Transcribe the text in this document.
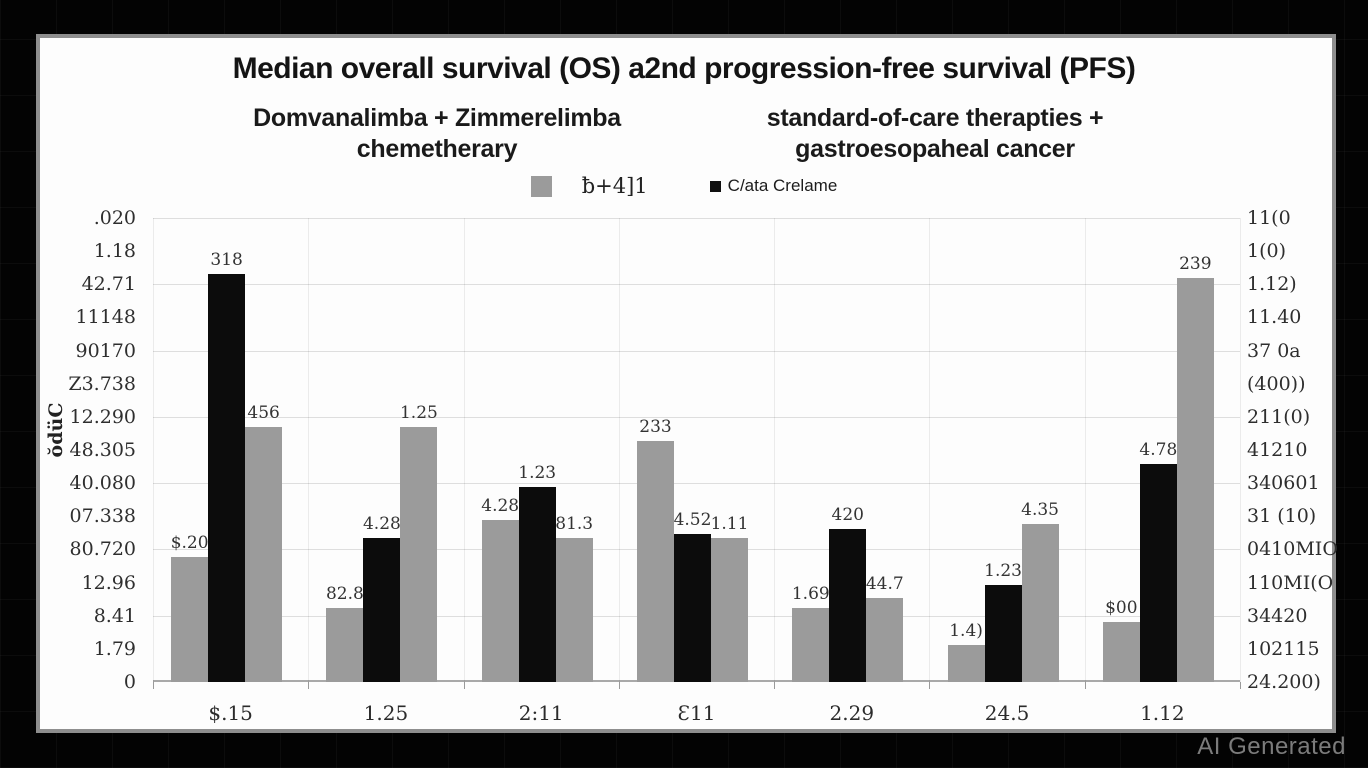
Median overall survival (OS) a2nd progression-free survival (PFS)
Domvanalimba + Zimmerelimba
chemetherary
standard-of-care therapties +
gastroesopaheal cancer
ƀ+4]1	C/ata Crelame
ŏdüC
$.20
318
456
82.8
4.28
1.25
4.28
1.23
81.3
233
4.52 1.11
1.69
420
44.7
1.4)
1.23
4.35
$00
4.78
239
.020
1.18
42.71
11148
90170
Z3.738
12.290
48.305
40.080
07.338
80.720
12.96
8.41
1.79
0
11(0
1(0)
1.12)
11.40
37 0a
(400))
211(0)
41210
340601
31 (10)
0410MIO
110MI(O
34420
102115
24.200)
$.15	1.25	2:11	Ɛ11	2.29	24.5	1.12
AI Generated
